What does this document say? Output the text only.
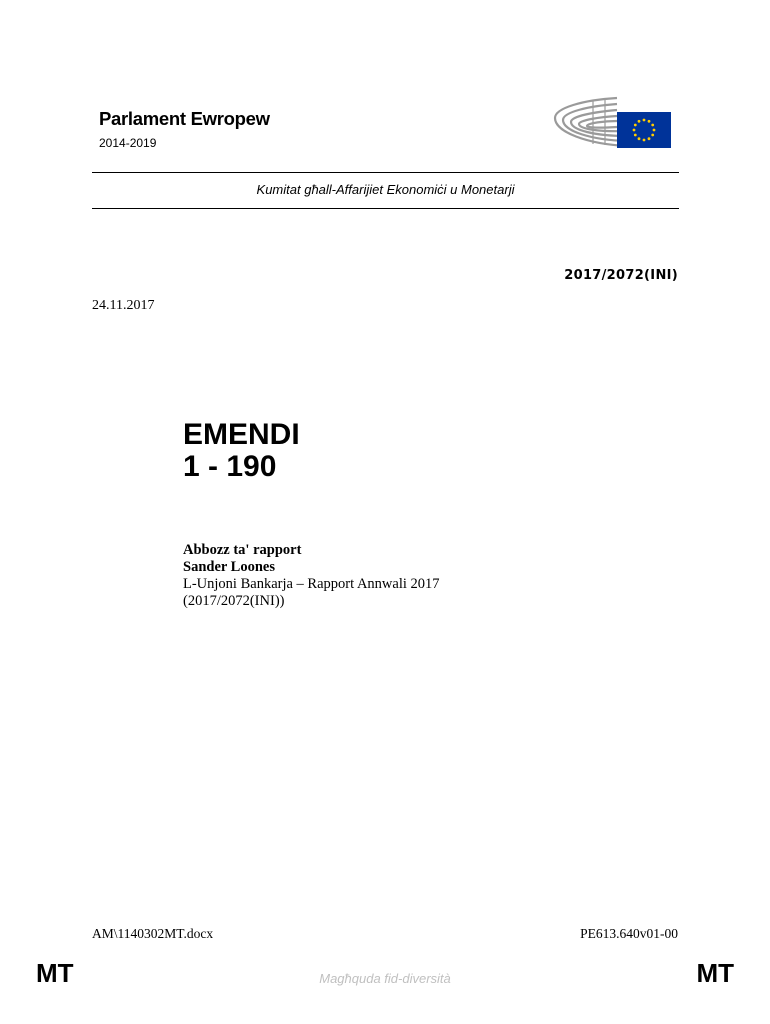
Parlament Ewropew
2014-2019
Kumitat għall-Affarijiet Ekonomiċi u Monetarji
2017/2072(INI)
24.11.2017
EMENDI
1 - 190
Abbozz ta' rapport
Sander Loones
L-Unjoni Bankarja – Rapport Annwali 2017
(2017/2072(INI))
AM\1140302MT.docx	PE613.640v01-00
MT	Magħquda fid-diversità	MT
